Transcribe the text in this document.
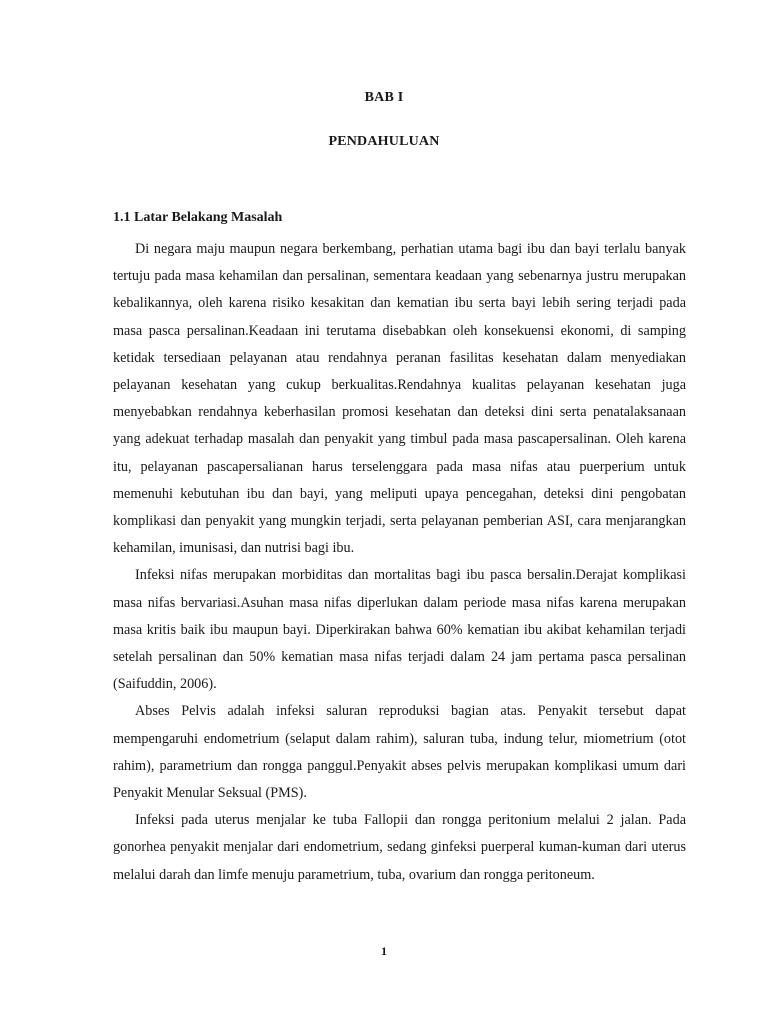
BAB I
PENDAHULUAN
1.1 Latar Belakang Masalah

Di negara maju maupun negara berkembang, perhatian utama bagi ibu dan bayi terlalu banyak tertuju pada masa kehamilan dan persalinan, sementara keadaan yang sebenarnya justru merupakan kebalikannya, oleh karena risiko kesakitan dan kematian ibu serta bayi lebih sering terjadi pada masa pasca persalinan.Keadaan ini terutama disebabkan oleh konsekuensi ekonomi, di samping ketidak tersediaan pelayanan atau rendahnya peranan fasilitas kesehatan dalam menyediakan pelayanan kesehatan yang cukup berkualitas.Rendahnya kualitas pelayanan kesehatan juga menyebabkan rendahnya keberhasilan promosi kesehatan dan deteksi dini serta penatalaksanaan yang adekuat terhadap masalah dan penyakit yang timbul pada masa pascapersalinan. Oleh karena itu, pelayanan pascapersalianan harus terselenggara pada masa nifas atau puerperium untuk memenuhi kebutuhan ibu dan bayi, yang meliputi upaya pencegahan, deteksi dini pengobatan komplikasi dan penyakit yang mungkin terjadi, serta pelayanan pemberian ASI, cara menjarangkan kehamilan, imunisasi, dan nutrisi bagi ibu.

Infeksi nifas merupakan morbiditas dan mortalitas bagi ibu pasca bersalin.Derajat komplikasi masa nifas bervariasi.Asuhan masa nifas diperlukan dalam periode masa nifas karena merupakan masa kritis baik ibu maupun bayi. Diperkirakan bahwa 60% kematian ibu akibat kehamilan terjadi setelah persalinan dan 50% kematian masa nifas terjadi dalam 24 jam pertama pasca persalinan (Saifuddin, 2006).

Abses Pelvis adalah infeksi saluran reproduksi bagian atas. Penyakit tersebut dapat mempengaruhi endometrium (selaput dalam rahim), saluran tuba, indung telur, miometrium (otot rahim), parametrium dan rongga panggul.Penyakit abses pelvis merupakan komplikasi umum dari Penyakit Menular Seksual (PMS).

Infeksi pada uterus menjalar ke tuba Fallopii dan rongga peritonium melalui 2 jalan. Pada gonorhea penyakit menjalar dari endometrium, sedang ginfeksi puerperal kuman-kuman dari uterus melalui darah dan limfe menuju parametrium, tuba, ovarium dan rongga peritoneum.

1
